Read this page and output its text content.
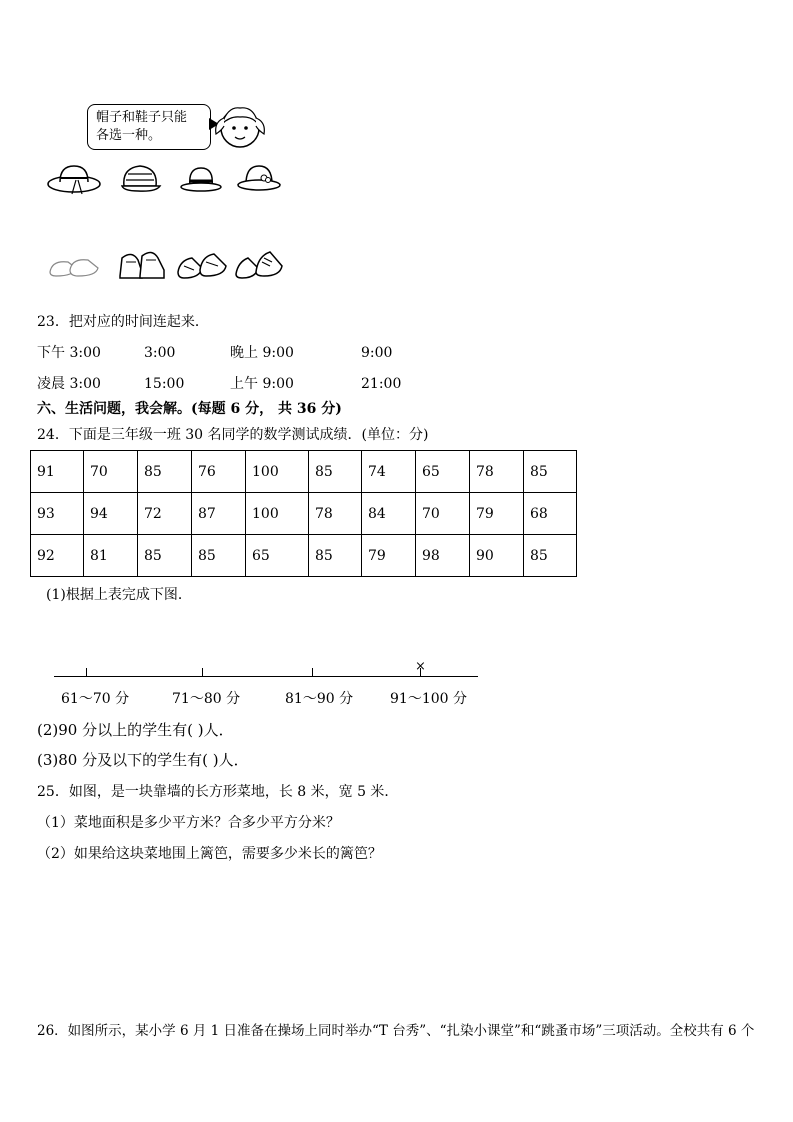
帽子和鞋子只能
各选一种。
23．把对应的时间连起来．
下午 3:00	3:00	晚上 9:00	9:00
凌晨 3:00	15:00	上午 9:00	21:00
六、生活问题，我会解。(每题 6 分， 共 36 分)
24．下面是三年级一班 30 名同学的数学测试成绩．(单位：分)
91	70	85	76	100	85	74	65	78	85
93	94	72	87	100	78	84	70	79	68
92	81	85	85	65	85	79	98	90	85
(1)根据上表完成下图．
×
61～70 分	71～80 分	81～90 分	91～100 分
(2)90 分以上的学生有( )人．
(3)80 分及以下的学生有( )人．
25．如图，是一块靠墙的长方形菜地，长 8 米，宽 5 米．
（1）菜地面积是多少平方米？合多少平方分米？
（2）如果给这块菜地围上篱笆，需要多少米长的篱笆？
26．如图所示，某小学 6 月 1 日准备在操场上同时举办“T 台秀”、“扎染小课堂”和“跳蚤市场”三项活动。全校共有 6 个
